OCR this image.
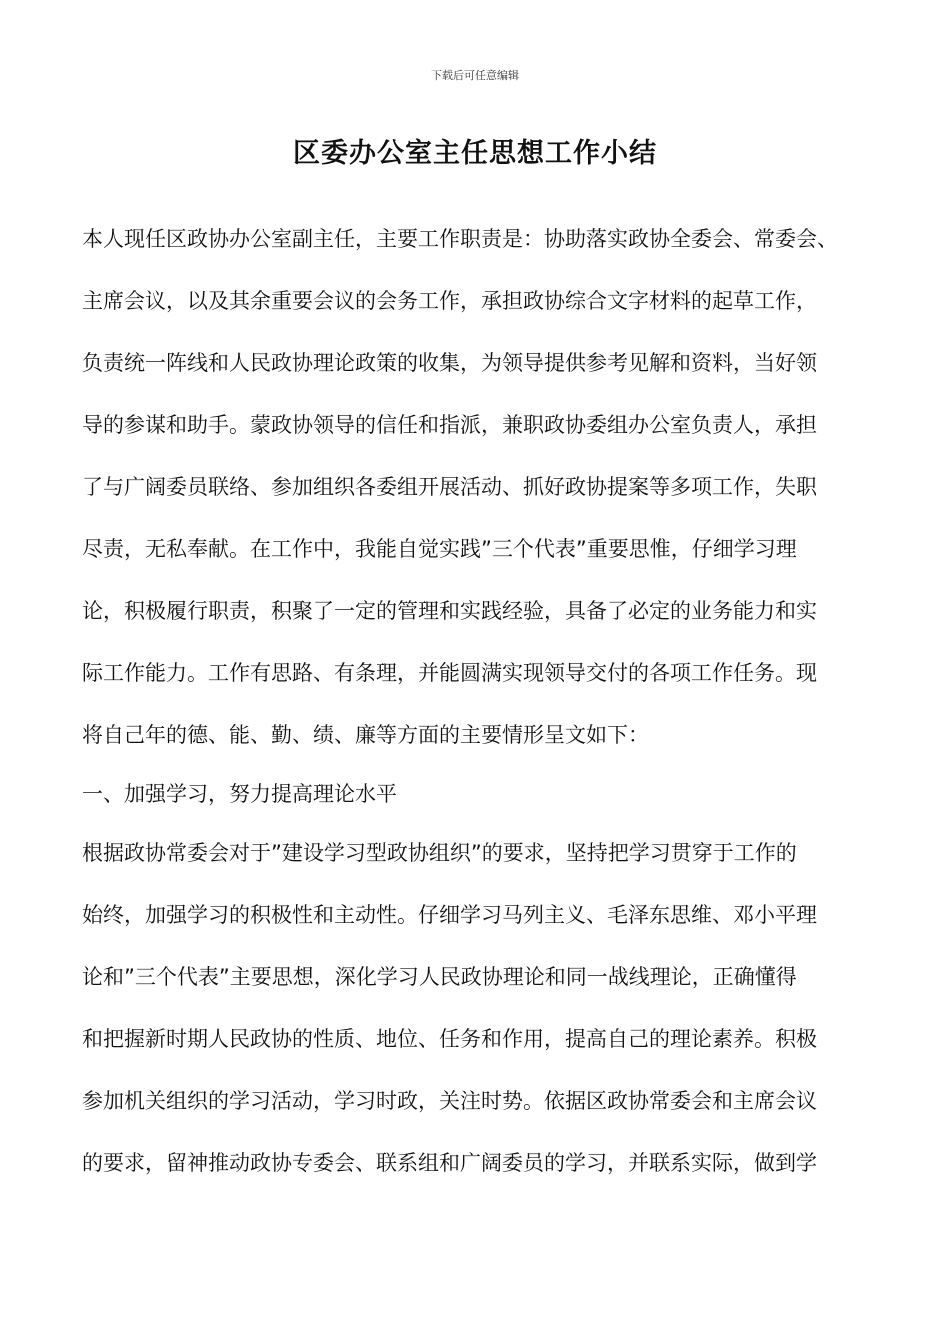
下载后可任意编辑
区委办公室主任思想工作小结
本人现任区政协办公室副主任，主要工作职责是：协助落实政协全委会、常委会、
主席会议，以及其余重要会议的会务工作，承担政协综合文字材料的起草工作，
负责统一阵线和人民政协理论政策的收集，为领导提供参考见解和资料，当好领
导的参谋和助手。蒙政协领导的信任和指派，兼职政协委组办公室负责人，承担
了与广阔委员联络、参加组织各委组开展活动、抓好政协提案等多项工作，失职
尽责，无私奉献。在工作中，我能自觉实践”三个代表”重要思惟，仔细学习理
论，积极履行职责，积聚了一定的管理和实践经验，具备了必定的业务能力和实
际工作能力。工作有思路、有条理，并能圆满实现领导交付的各项工作任务。现
将自己年的德、能、勤、绩、廉等方面的主要情形呈文如下：
一、加强学习，努力提高理论水平
根据政协常委会对于”建设学习型政协组织”的要求，坚持把学习贯穿于工作的
始终，加强学习的积极性和主动性。仔细学习马列主义、毛泽东思维、邓小平理
论和”三个代表”主要思想，深化学习人民政协理论和同一战线理论，正确懂得
和把握新时期人民政协的性质、地位、任务和作用，提高自己的理论素养。积极
参加机关组织的学习活动，学习时政，关注时势。依据区政协常委会和主席会议
的要求，留神推动政协专委会、联系组和广阔委员的学习，并联系实际，做到学
